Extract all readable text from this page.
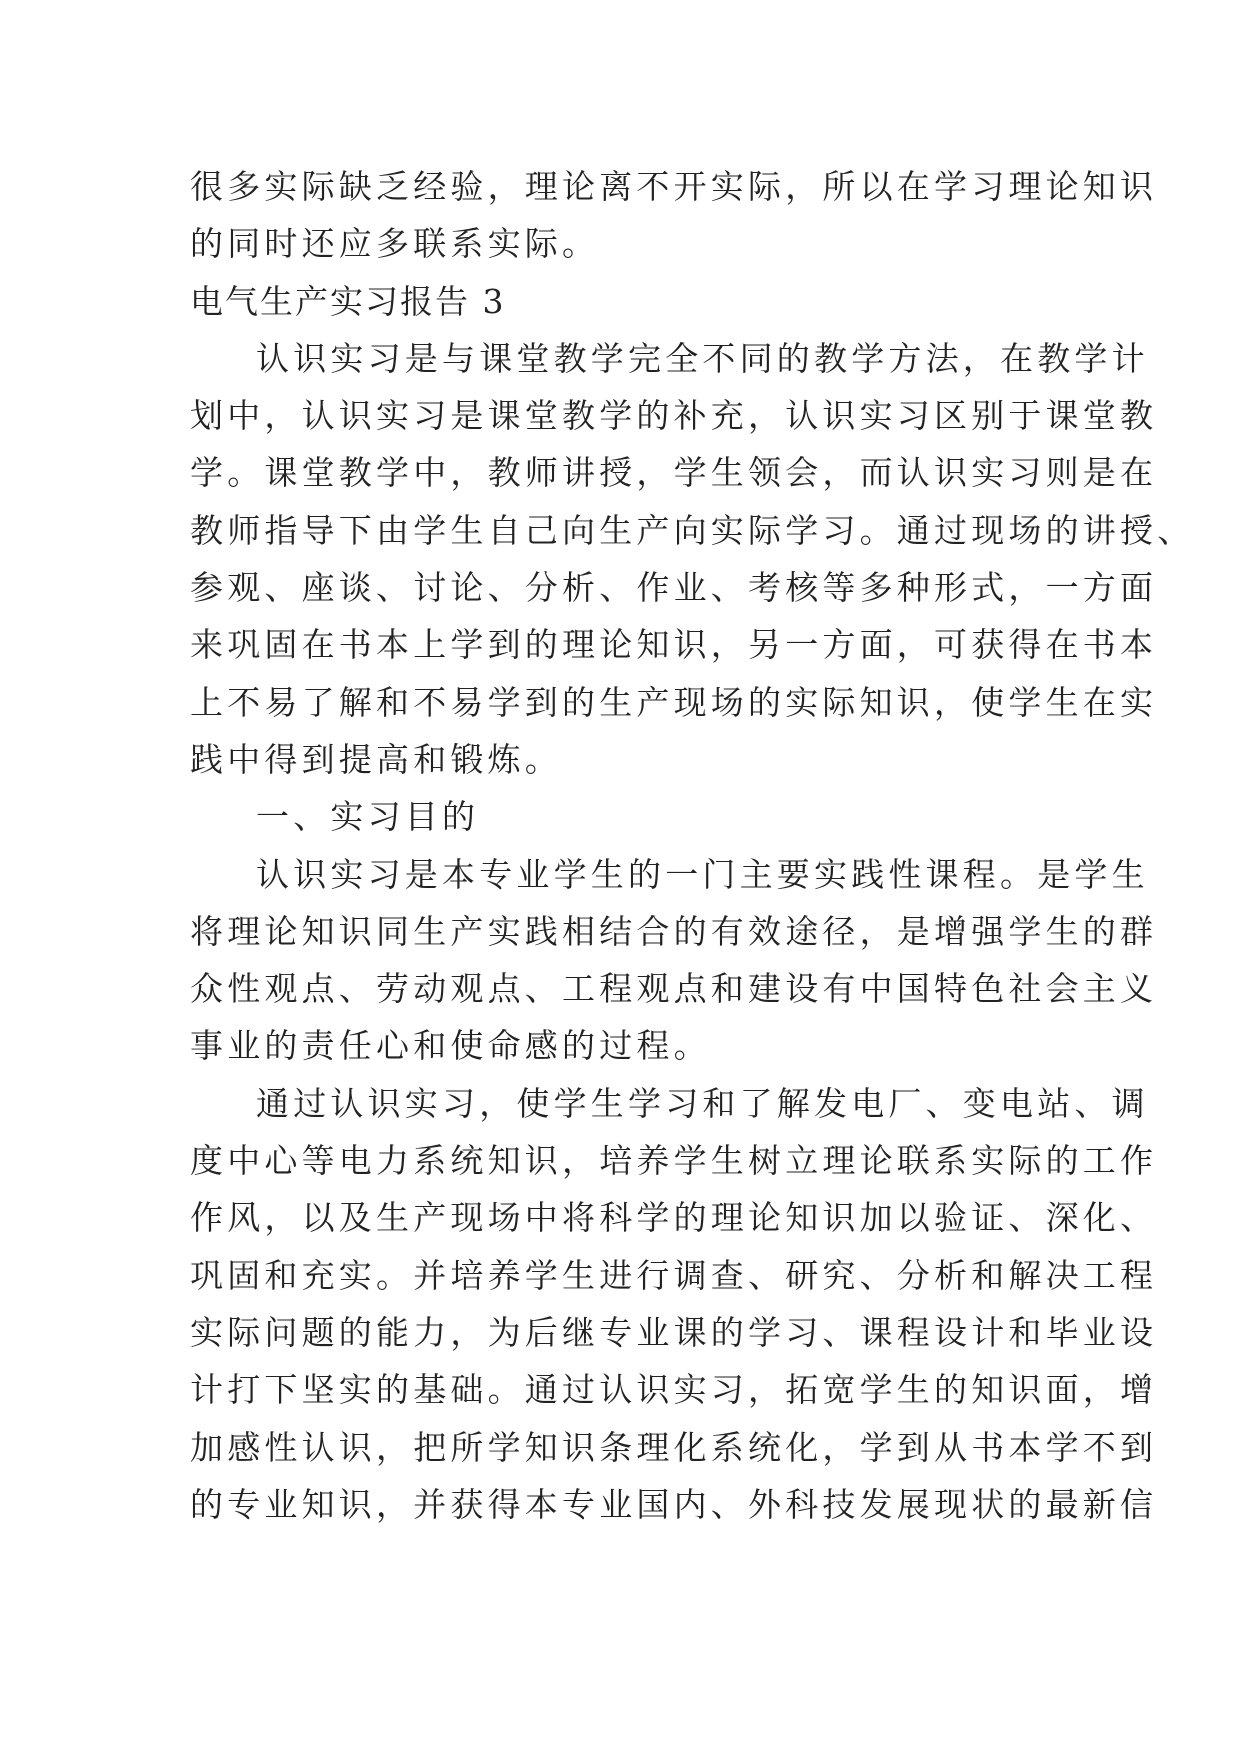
很多实际缺乏经验，理论离不开实际，所以在学习理论知识
的同时还应多联系实际。
电气生产实习报告 3
认识实习是与课堂教学完全不同的教学方法，在教学计
划中，认识实习是课堂教学的补充，认识实习区别于课堂教
学。课堂教学中，教师讲授，学生领会，而认识实习则是在
教师指导下由学生自己向生产向实际学习。通过现场的讲授、
参观、座谈、讨论、分析、作业、考核等多种形式，一方面
来巩固在书本上学到的理论知识，另一方面，可获得在书本
上不易了解和不易学到的生产现场的实际知识，使学生在实
践中得到提高和锻炼。
一、实习目的
认识实习是本专业学生的一门主要实践性课程。是学生
将理论知识同生产实践相结合的有效途径，是增强学生的群
众性观点、劳动观点、工程观点和建设有中国特色社会主义
事业的责任心和使命感的过程。
通过认识实习，使学生学习和了解发电厂、变电站、调
度中心等电力系统知识，培养学生树立理论联系实际的工作
作风，以及生产现场中将科学的理论知识加以验证、深化、
巩固和充实。并培养学生进行调查、研究、分析和解决工程
实际问题的能力，为后继专业课的学习、课程设计和毕业设
计打下坚实的基础。通过认识实习，拓宽学生的知识面，增
加感性认识，把所学知识条理化系统化，学到从书本学不到
的专业知识，并获得本专业国内、外科技发展现状的最新信
